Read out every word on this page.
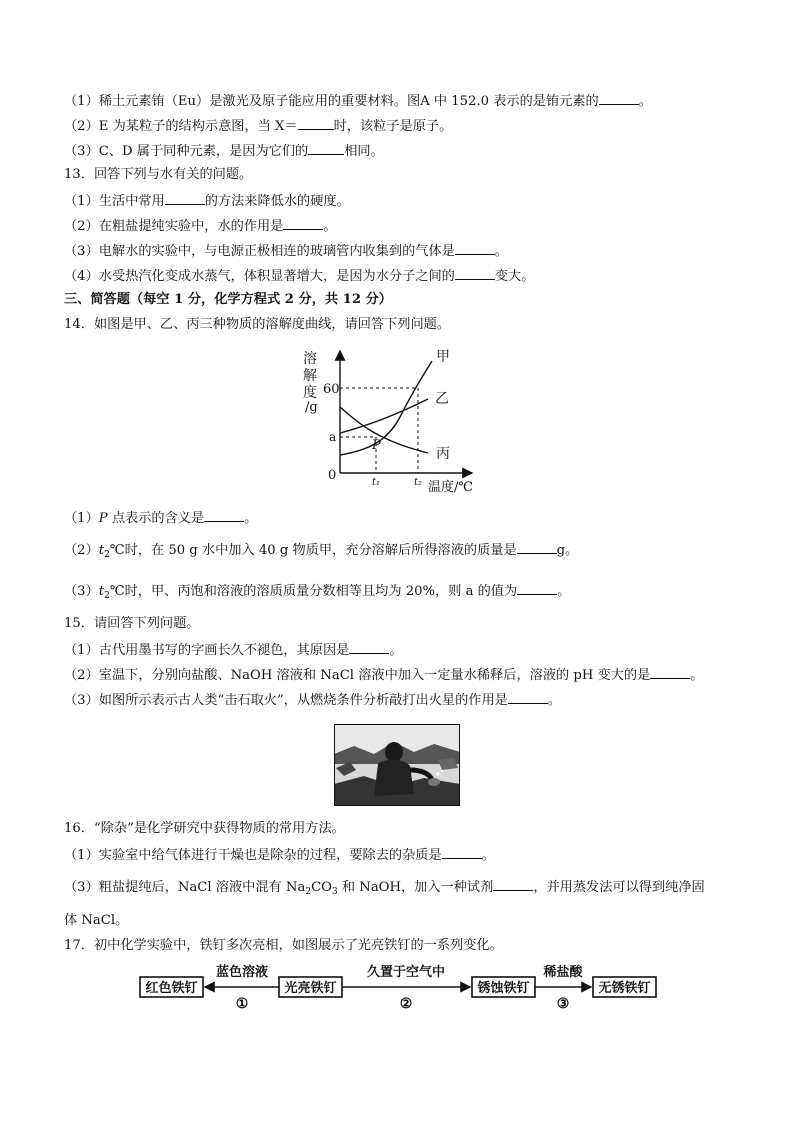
（1）稀土元素铕（Eu）是激光及原子能应用的重要材料。图A 中 152.0 表示的是铕元素的	。
（2）E 为某粒子的结构示意图，当 X＝	时，该粒子是原子。
（3）C、D 属于同种元素，是因为它们的	相同。
13．回答下列与水有关的问题。
（1）生活中常用	的方法来降低水的硬度。
（2）在粗盐提纯实验中，水的作用是	。
（3）电解水的实验中，与电源正极相连的玻璃管内收集到的气体是	。
（4）水受热汽化变成水蒸气，体积显著增大，是因为水分子之间的	变大。
三、简答题（每空 1 分，化学方程式 2 分，共 12 分）
14．如图是甲、乙、丙三种物质的溶解度曲线，请回答下列问题。
溶
解
度
/g
60
a
0
甲
乙
丙
P
t₁	t₂ 温度/℃
（1）P 点表示的含义是	。
$(2)t_2℃$时，在 50 g 水中加入 40 g 物质甲，充分溶解后所得溶液的质量是	g。
$(3)t_2℃$时，甲、丙饱和溶液的溶质质量分数相等且均为 20%，则 a 的值为	。
15．请回答下列问题。
（1）古代用墨书写的字画长久不褪色，其原因是	。
（2）室温下，分别向盐酸、NaOH 溶液和 NaCl 溶液中加入一定量水稀释后，溶液的 pH 变大的是	。
（3）如图所示表示古人类“击石取火”，从燃烧条件分析敲打出火星的作用是	。
16．“除杂”是化学研究中获得物质的常用方法。
（1）实验室中给气体进行干燥也是除杂的过程，要除去的杂质是	。
（3）粗盐提纯后，NaCl 溶液中混有 $Na_2CO_3$ 和 NaOH，加入一种试剂	，并用蒸发法可以得到纯净固
体 NaCl。
17．初中化学实验中，铁钉多次亮相，如图展示了光亮铁钉的一系列变化。
红色铁钉	光亮铁钉	锈蚀铁钉	无锈铁钉
蓝色溶液
①
久置于空气中
②
稀盐酸
③
